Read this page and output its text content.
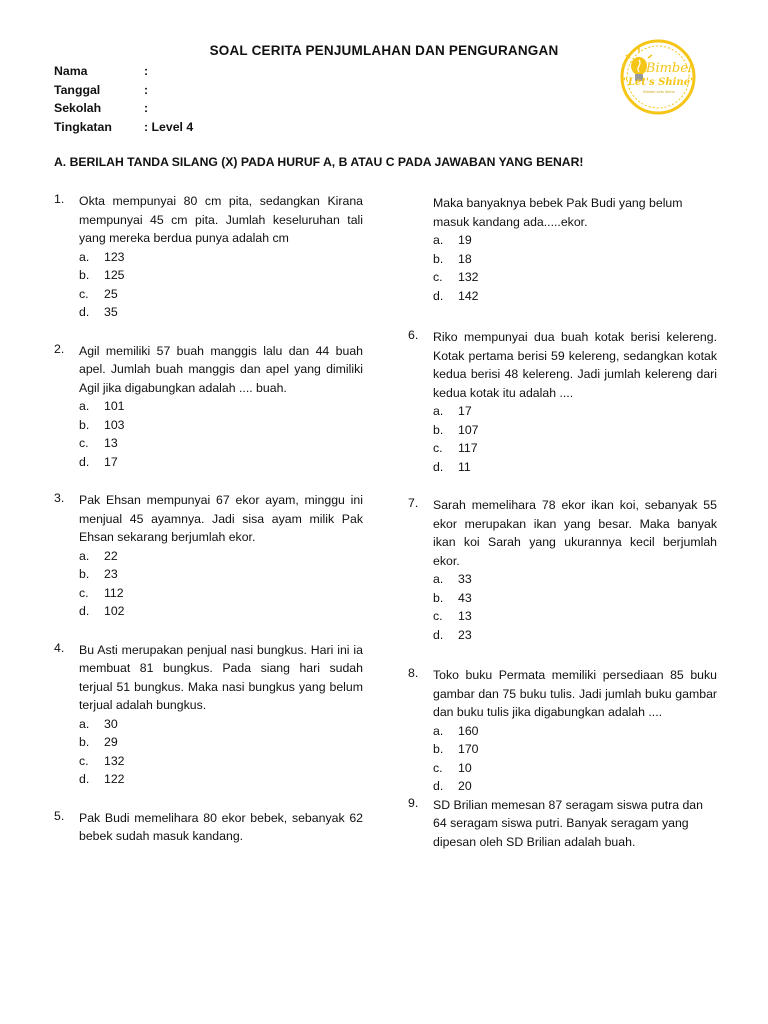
SOAL CERITA PENJUMLAHAN DAN PENGURANGAN
Nama	:
Tanggal	:
Sekolah	:
Tingkatan	: Level 4
Bimbel
"Let's Shine"
Bimbel Lets Shine
A. BERILAH TANDA SILANG (X) PADA HURUF A, B ATAU C PADA JAWABAN YANG BENAR!
1.	Okta mempunyai 80 cm pita, sedangkan Kirana mempunyai 45 cm pita. Jumlah keseluruhan tali yang mereka berdua punya adalah cm
a.	123
b.	125
c.	25
d.	35
2.	Agil memiliki 57 buah manggis lalu dan 44 buah apel. Jumlah buah manggis dan apel yang dimiliki Agil jika digabungkan adalah .... buah.
a.	101
b.	103
c.	13
d.	17
3.	Pak Ehsan mempunyai 67 ekor ayam, minggu ini menjual 45 ayamnya. Jadi sisa ayam milik Pak Ehsan sekarang berjumlah ekor.
a.	22
b.	23
c.	112
d.	102
4.	Bu Asti merupakan penjual nasi bungkus. Hari ini ia membuat 81 bungkus. Pada siang hari sudah terjual 51 bungkus. Maka nasi bungkus yang belum terjual adalah bungkus.
a.	30
b.	29
c.	132
d.	122
5.	Pak Budi memelihara 80 ekor bebek, sebanyak 62 bebek sudah masuk kandang.
Maka banyaknya bebek Pak Budi yang belum masuk kandang ada.....ekor.
a.	19
b.	18
c.	132
d.	142
6.	Riko mempunyai dua buah kotak berisi kelereng. Kotak pertama berisi 59 kelereng, sedangkan kotak kedua berisi 48 kelereng. Jadi jumlah kelereng dari kedua kotak itu adalah ....
a.	17
b.	107
c.	117
d.	11
7.	Sarah memelihara 78 ekor ikan koi, sebanyak 55 ekor merupakan ikan yang besar. Maka banyak ikan koi Sarah yang ukurannya kecil berjumlah ekor.
a.	33
b.	43
c.	13
d.	23
8.	Toko buku Permata memiliki persediaan 85 buku gambar dan 75 buku tulis. Jadi jumlah buku gambar dan buku tulis jika digabungkan adalah ....
a.	160
b.	170
c.	10
d.	20
9.	SD Brilian memesan 87 seragam siswa putra dan 64 seragam siswa putri. Banyak seragam yang dipesan oleh SD Brilian adalah buah.
